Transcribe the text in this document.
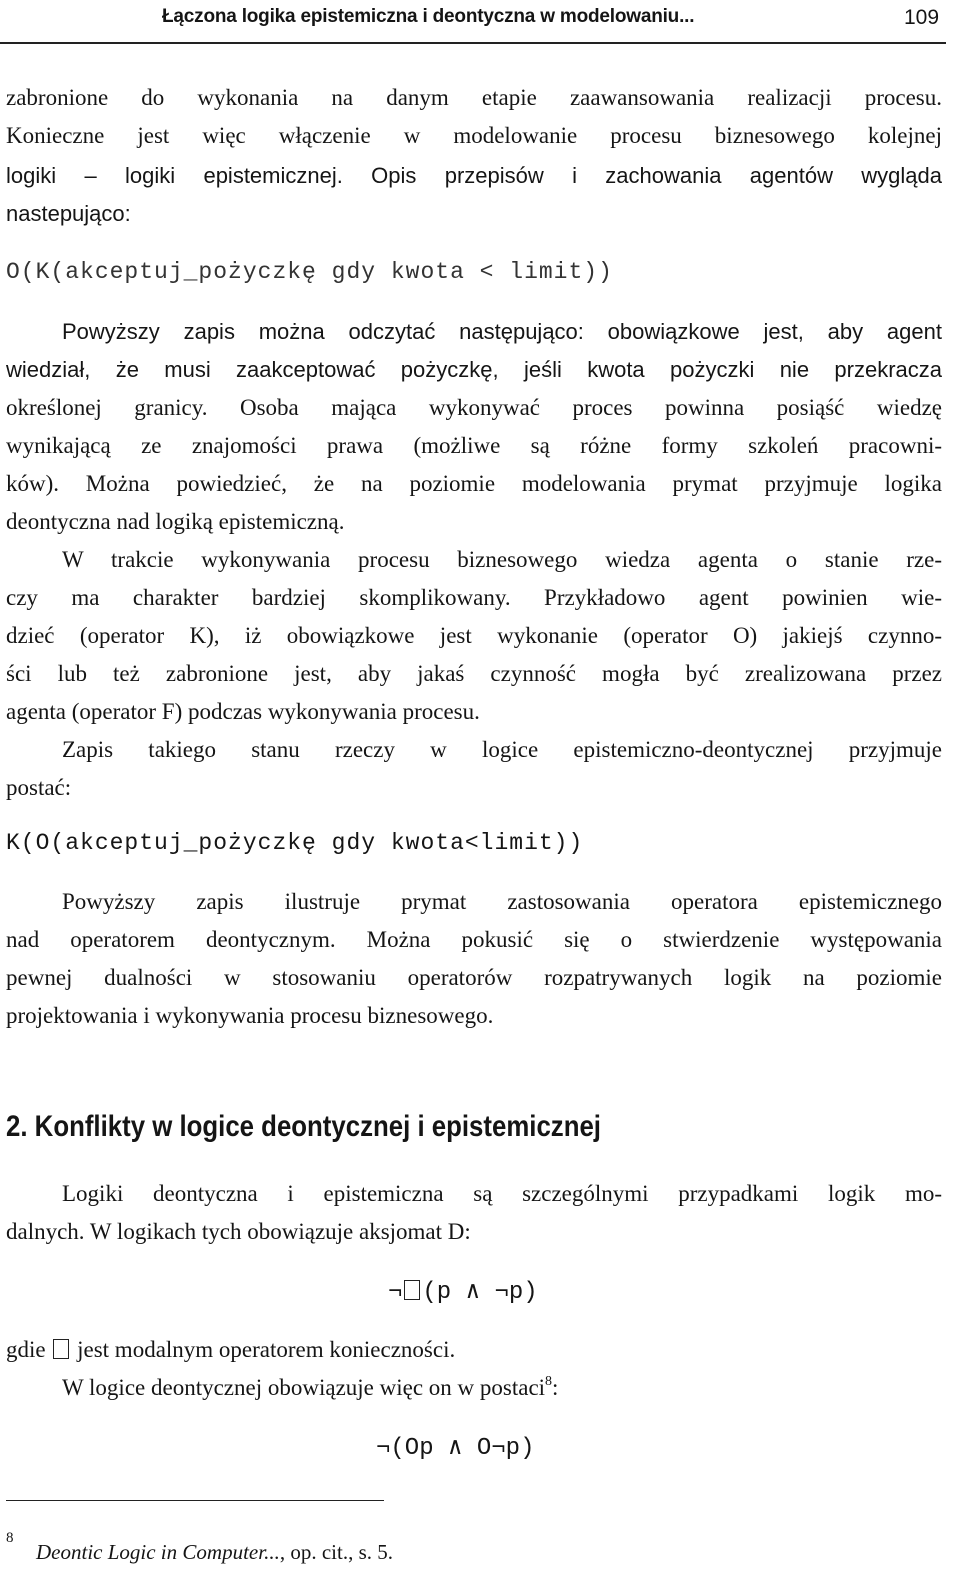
Łączona logika epistemiczna i deontyczna w modelowaniu...	109
zabronione do wykonania na danym etapie zaawansowania realizacji procesu.
Konieczne jest więc włączenie w modelowanie procesu biznesowego kolejnej
logiki – logiki epistemicznej. Opis przepisów i zachowania agentów wygląda
nastepująco:
O(K(akceptuj_pożyczkę gdy kwota < limit))
Powyższy zapis można odczytać następująco: obowiązkowe jest, aby agent
wiedział, że musi zaakceptować pożyczkę, jeśli kwota pożyczki nie przekracza
określonej granicy. Osoba mająca wykonywać proces powinna posiąść wiedzę
wynikającą ze znajomości prawa (możliwe są różne formy szkoleń pracowni-
ków). Można powiedzieć, że na poziomie modelowania prymat przyjmuje logika
deontyczna nad logiką epistemiczną.
W trakcie wykonywania procesu biznesowego wiedza agenta o stanie rze-
czy ma charakter bardziej skomplikowany. Przykładowo agent powinien wie-
dzieć (operator K), iż obowiązkowe jest wykonanie (operator O) jakiejś czynno-
ści lub też zabronione jest, aby jakaś czynność mogła być zrealizowana przez
agenta (operator F) podczas wykonywania procesu.
Zapis takiego stanu rzeczy w logice epistemiczno-deontycznej przyjmuje
postać:
K(O(akceptuj_pożyczkę gdy kwota<limit))
Powyższy zapis ilustruje prymat zastosowania operatora epistemicznego
nad operatorem deontycznym. Można pokusić się o stwierdzenie występowania
pewnej dualności w stosowaniu operatorów rozpatrywanych logik na poziomie
projektowania i wykonywania procesu biznesowego.
2. Konflikty w logice deontycznej i epistemicznej
Logiki deontyczna i epistemiczna są szczególnymi przypadkami logik mo-
dalnych. W logikach tych obowiązuje aksjomat D:
¬ (p ∧ ¬p)
gdie jest modalnym operatorem konieczności.
W logice deontycznej obowiązuje więc on w postaci$^8$:
¬(Op ∧ O¬p)
8
Deontic Logic in Computer..., op. cit., s. 5.
